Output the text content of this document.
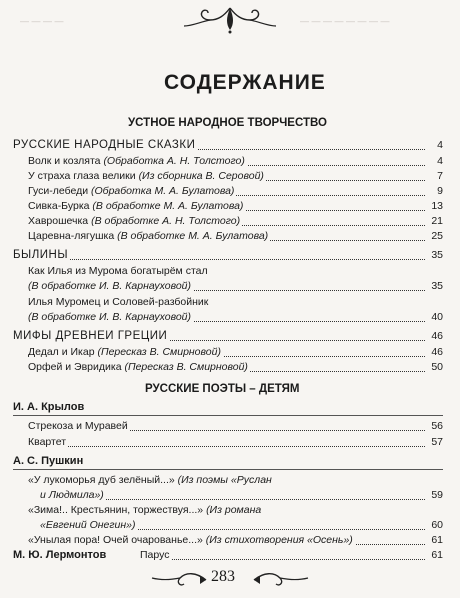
— — — — — — — —
— — — —
СОДЕРЖАНИЕ
УСТНОЕ НАРОДНОЕ ТВОРЧЕСТВО
РУССКИЕ НАРОДНЫЕ СКАЗКИ	4
Волк и козлята (Обработка А. Н. Толстого)	4
У страха глаза велики (Из сборника В. Серовой)	7
Гуси-лебеди (Обработка М. А. Булатова)	9
Сивка-Бурка (В обработке М. А. Булатова)	13
Хаврошечка (В обработке А. Н. Толстого)	21
Царевна-лягушка (В обработке М. А. Булатова)	25
БЫЛИНЫ	35
Как Илья из Мурома богатырём стал
(В обработке И. В. Карнауховой)	35
Илья Муромец и Соловей-разбойник
(В обработке И. В. Карнауховой)	40
МИФЫ ДРЕВНЕЙ ГРЕЦИИ	46
Дедал и Икар (Пересказ В. Смирновой)	46
Орфей и Эвридика (Пересказ В. Смирновой)	50
РУССКИЕ ПОЭТЫ – ДЕТЯМ
И. А. Крылов
Стрекоза и Муравей	56
Квартет	57
А. С. Пушкин
«У лукоморья дуб зелёный...» (Из поэмы «Руслан
и Людмила»)	59
«Зима!.. Крестьянин, торжествуя...» (Из романа
«Евгений Онегин»)	60
«Унылая пора! Очей очарованье...» (Из стихотворения «Осень»)	61
283
М. Ю. Лермонтов	Парус	61
